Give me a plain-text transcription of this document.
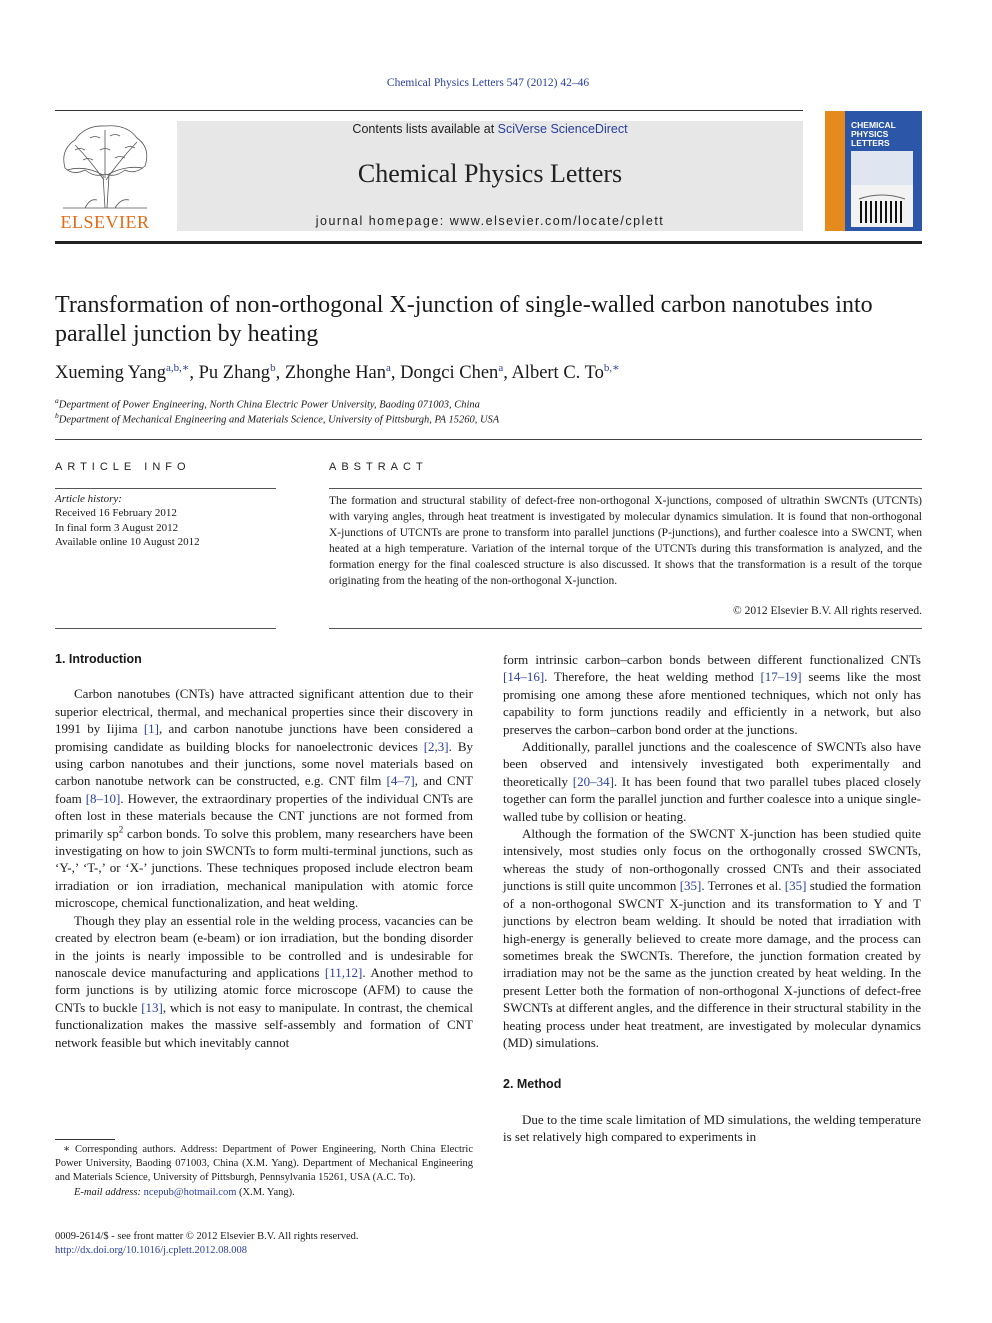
Chemical Physics Letters 547 (2012) 42–46
ELSEVIER
Contents lists available at SciVerse ScienceDirect
Chemical Physics Letters
journal homepage: www.elsevier.com/locate/cplett
CHEMICAL
PHYSICS
LETTERS
Transformation of non-orthogonal X-junction of single-walled carbon nanotubes into parallel junction by heating
Xueming Yang$^{a,b,∗}$, Pu Zhang$^b$, Zhonghe Han$^a$, Dongci Chen$^a$, Albert C. $To^{b,∗}$
$^a$Department of Power Engineering, North China Electric Power University, Baoding 071003, China
$^b$Department of Mechanical Engineering and Materials Science, University of Pittsburgh, PA 15260, USA
ARTICLE INFO	ABSTRACT
Article history:
Received 16 February 2012
In final form 3 August 2012
Available online 10 August 2012
The formation and structural stability of defect-free non-orthogonal X-junctions, composed of ultrathin SWCNTs (UTCNTs) with varying angles, through heat treatment is investigated by molecular dynamics simulation. It is found that non-orthogonal X-junctions of UTCNTs are prone to transform into parallel junctions (P-junctions), and further coalesce into a SWCNT, when heated at a high temperature. Variation of the internal torque of the UTCNTs during this transformation is analyzed, and the formation energy for the final coalesced structure is also discussed. It shows that the transformation is a result of the torque originating from the heating of the non-orthogonal X-junction.
© 2012 Elsevier B.V. All rights reserved.

1. Introduction

Carbon nanotubes (CNTs) have attracted significant attention due to their superior electrical, thermal, and mechanical properties since their discovery in 1991 by Iijima [1], and carbon nanotube junctions have been considered a promising candidate as building blocks for nanoelectronic devices [2,3]. By using carbon nanotubes and their junctions, some novel materials based on carbon nanotube network can be constructed, e.g. CNT film [4–7], and CNT foam [8–10]. However, the extraordinary properties of the individual CNTs are often lost in these materials because the CNT junctions are not formed from primarily $sp^2$ carbon bonds. To solve this problem, many researchers have been investigating on how to join SWCNTs to form multi-terminal junctions, such as ‘Y-,’ ‘T-,’ or ‘X-’ junctions. These techniques proposed include electron beam irradiation or ion irradiation, mechanical manipulation with atomic force microscope, chemical functionalization, and heat welding.

Though they play an essential role in the welding process, vacancies can be created by electron beam (e-beam) or ion irradiation, but the bonding disorder in the joints is nearly impossible to be controlled and is undesirable for nanoscale device manufacturing and applications [11,12]. Another method to form junctions is by utilizing atomic force microscope (AFM) to cause the CNTs to buckle [13], which is not easy to manipulate. In contrast, the chemical functionalization makes the massive self-assembly and formation of CNT network feasible but which inevitably cannot

form intrinsic carbon–carbon bonds between different functionalized CNTs [14–16]. Therefore, the heat welding method [17–19] seems like the most promising one among these afore mentioned techniques, which not only has capability to form junctions readily and efficiently in a network, but also preserves the carbon–carbon bond order at the junctions.

Additionally, parallel junctions and the coalescence of SWCNTs also have been observed and intensively investigated both experimentally and theoretically [20–34]. It has been found that two parallel tubes placed closely together can form the parallel junction and further coalesce into a unique single-walled tube by collision or heating.

Although the formation of the SWCNT X-junction has been studied quite intensively, most studies only focus on the orthogonally crossed SWCNTs, whereas the study of non-orthogonally crossed CNTs and their associated junctions is still quite uncommon [35]. Terrones et al. [35] studied the formation of a non-orthogonal SWCNT X-junction and its transformation to Y and T junctions by electron beam welding. It should be noted that irradiation with high-energy is generally believed to create more damage, and the process can sometimes break the SWCNTs. Therefore, the junction formation created by irradiation may not be the same as the junction created by heat welding. In the present Letter both the formation of non-orthogonal X-junctions of defect-free SWCNTs at different angles, and the difference in their structural stability in the heating process under heat treatment, are investigated by molecular dynamics (MD) simulations.

2. Method

Due to the time scale limitation of MD simulations, the welding temperature is set relatively high compared to experiments in

∗ Corresponding authors. Address: Department of Power Engineering, North China Electric Power University, Baoding 071003, China (X.M. Yang). Department of Mechanical Engineering and Materials Science, University of Pittsburgh, Pennsylvania 15261, USA (A.C. To).
E-mail address: ncepub@hotmail.com (X.M. Yang).
0009-2614/$ - see front matter © 2012 Elsevier B.V. All rights reserved.
http://dx.doi.org/10.1016/j.cplett.2012.08.008
